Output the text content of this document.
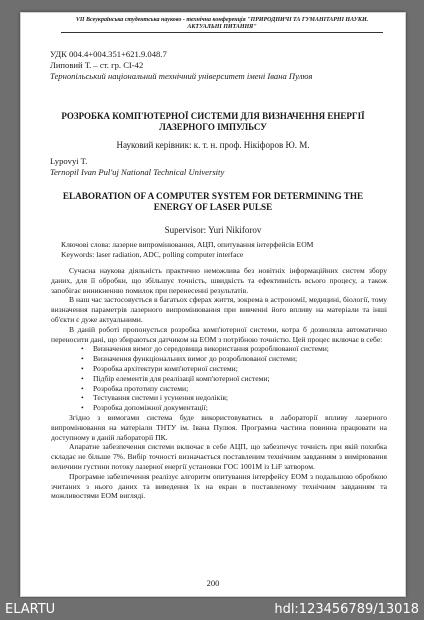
VII Всеукраїнська студентська науково - технічна конференція "ПРИРОДНИЧІ ТА ГУМАНІТАРНІ НАУКИ.
АКТУАЛЬНІ ПИТАННЯ"
УДК 004.4+004.351+621.9.048.7
Липовий Т. – ст. гр. СІ-42
Тернопільський національний технічний університет імені Івана Пулюя
РОЗРОБКА КОМП'ЮТЕРНОЇ СИСТЕМИ ДЛЯ ВИЗНАЧЕННЯ ЕНЕРГІЇ ЛАЗЕРНОГО ІМПУЛЬСУ
Науковий керівник: к. т. н. проф. Нікіфоров Ю. М.
Lypovyi T.
Ternopil Ivan Pul'uj National Technical University
ELABORATION OF A COMPUTER SYSTEM FOR DETERMINING THE ENERGY OF LASER PULSE
Supervisor: Yuri Nikiforov
Ключові слова: лазерне випромінювання, АЦП, опитування інтерфейсів ЕОМ
Keywords: laser radiation, ADC, polling computer interface

Сучасна наукова діяльність практично неможлива без новітніх інформаційних систем збору даних, для її обробки, що збільшує точність, швидкість та ефективність всього процесу, а також запобігає виникненню помилок при перенесенні результатів.

В наш час застосовується в багатьох сферах життя, зокрема в астрономії, медицині, біології, тому визначення параметрів лазерного випромінювання при вивченні його впливу на матеріали та інші об'єкти є дуже актуальними.

В даній роботі пропонується розробка комп'ютерної системи, котра б дозволяла автоматично переносити дані, що збираються датчиком на ЕОМ з потрібною точністю. Цей процес включає в себе:

• Визначення вимог до середовища використання розроблюваної системи;
• Визначення функціональних вимог до розроблюваної системи;
• Розробка архітектури комп'ютерної системи;
• Підбір елементів для реалізації комп'ютерної системи;
• Розробка прототипу системи;
• Тестування системи і усунення недоліків;
• Розробка допоміжної документації;

Згідно з вимогами система буде використовуватись в лабораторії впливу лазерного випромінювання на матеріали ТНТУ ім. Івана Пулюя. Програмна частина повинна працювати на доступному в даній лабораторії ПК.

Апаратне забезпечення системи включає в себе АЦП, що забезпечує точність при якій похибка складає не більше 7%. Вибір точності визначається поставленим технічним завданням з вимірювання величини густини потоку лазерної енергії установки ГОС 1001М із LiF затвором.

Програмне забезпечення реалізує алгоритм опитування інтерфейсу ЕОМ з подальшою обробкою зчитаних з нього даних та виведення їх на екран в поставленому технічним завданням та можливостями ЕОМ вигляді.

200
ELARTU	hdl:123456789/13018
